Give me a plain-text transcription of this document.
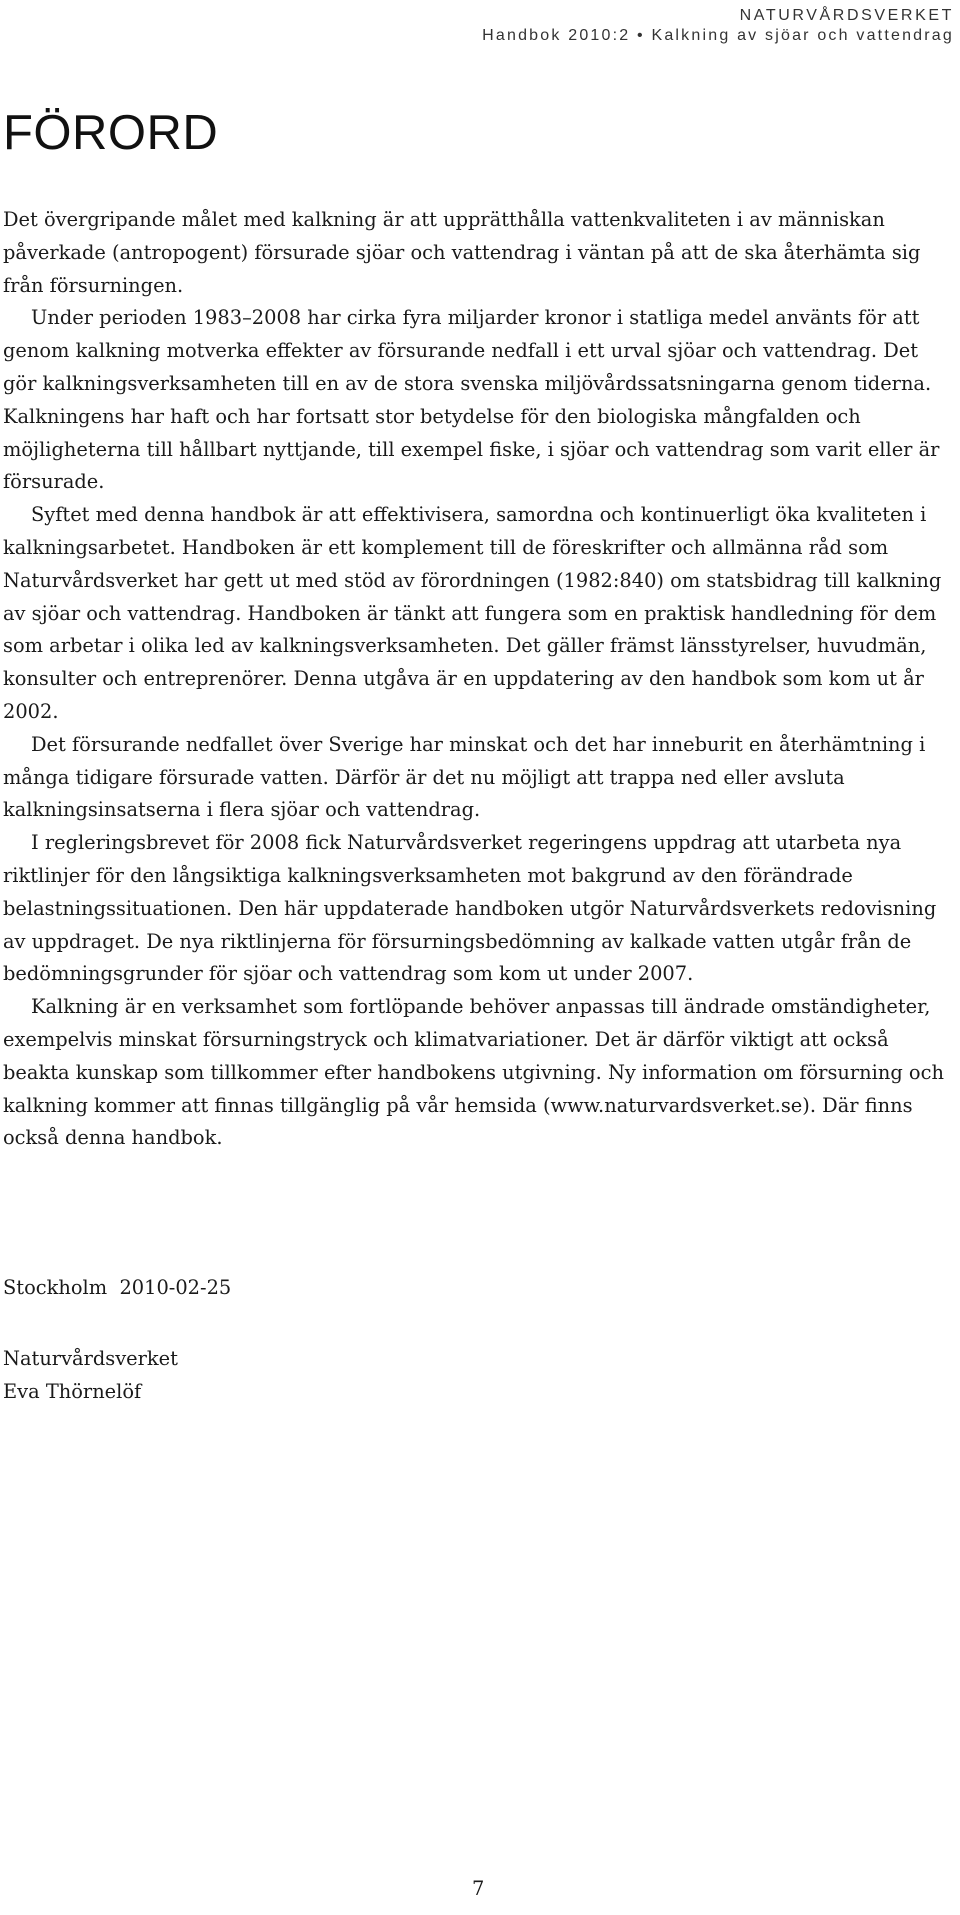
NATURVÅRDSVERKET
Handbok 2010:2 • Kalkning av sjöar och vattendrag
FÖRORD

Det övergripande målet med kalkning är att upprätthålla vattenkvaliteten i av människan påverkade (antropogent) försurade sjöar och vattendrag i väntan på att de ska återhämta sig från försurningen.

Under perioden 1983–2008 har cirka fyra miljarder kronor i statliga medel använts för att genom kalkning motverka effekter av försurande nedfall i ett urval sjöar och vattendrag. Det gör kalkningsverksamheten till en av de stora svenska miljövårdssatsningarna genom tiderna. Kalkningens har haft och har fortsatt stor betydelse för den biologiska mångfalden och möjligheterna till hållbart nyttjande, till exempel fiske, i sjöar och vattendrag som varit eller är försurade.

Syftet med denna handbok är att effektivisera, samordna och kontinuerligt öka kvaliteten i kalkningsarbetet. Handboken är ett komplement till de föreskrifter och allmänna råd som Naturvårdsverket har gett ut med stöd av förordningen (1982:840) om statsbidrag till kalkning av sjöar och vattendrag. Handboken är tänkt att fungera som en praktisk handledning för dem som arbetar i olika led av kalkningsverksamheten. Det gäller främst länsstyrelser, huvudmän, konsulter och entreprenörer. Denna utgåva är en uppdatering av den handbok som kom ut år 2002.

Det försurande nedfallet över Sverige har minskat och det har inneburit en återhämtning i många tidigare försurade vatten. Därför är det nu möjligt att trappa ned eller avsluta kalkningsinsatserna i flera sjöar och vattendrag.

I regleringsbrevet för 2008 fick Naturvårdsverket regeringens uppdrag att utarbeta nya riktlinjer för den långsiktiga kalkningsverksamheten mot bakgrund av den förändrade belastningssituationen. Den här uppdaterade handboken utgör Naturvårdsverkets redovisning av uppdraget. De nya riktlinjerna för försurningsbedömning av kalkade vatten utgår från de bedömningsgrunder för sjöar och vattendrag som kom ut under 2007.

Kalkning är en verksamhet som fortlöpande behöver anpassas till ändrade omständigheter, exempelvis minskat försurningstryck och klimatvariationer. Det är därför viktigt att också beakta kunskap som tillkommer efter handbokens utgivning. Ny information om försurning och kalkning kommer att finnas tillgänglig på vår hemsida (www.naturvardsverket.se). Där finns också denna handbok.

Stockholm  2010-02-25
Naturvårdsverket
Eva Thörnelöf
7
